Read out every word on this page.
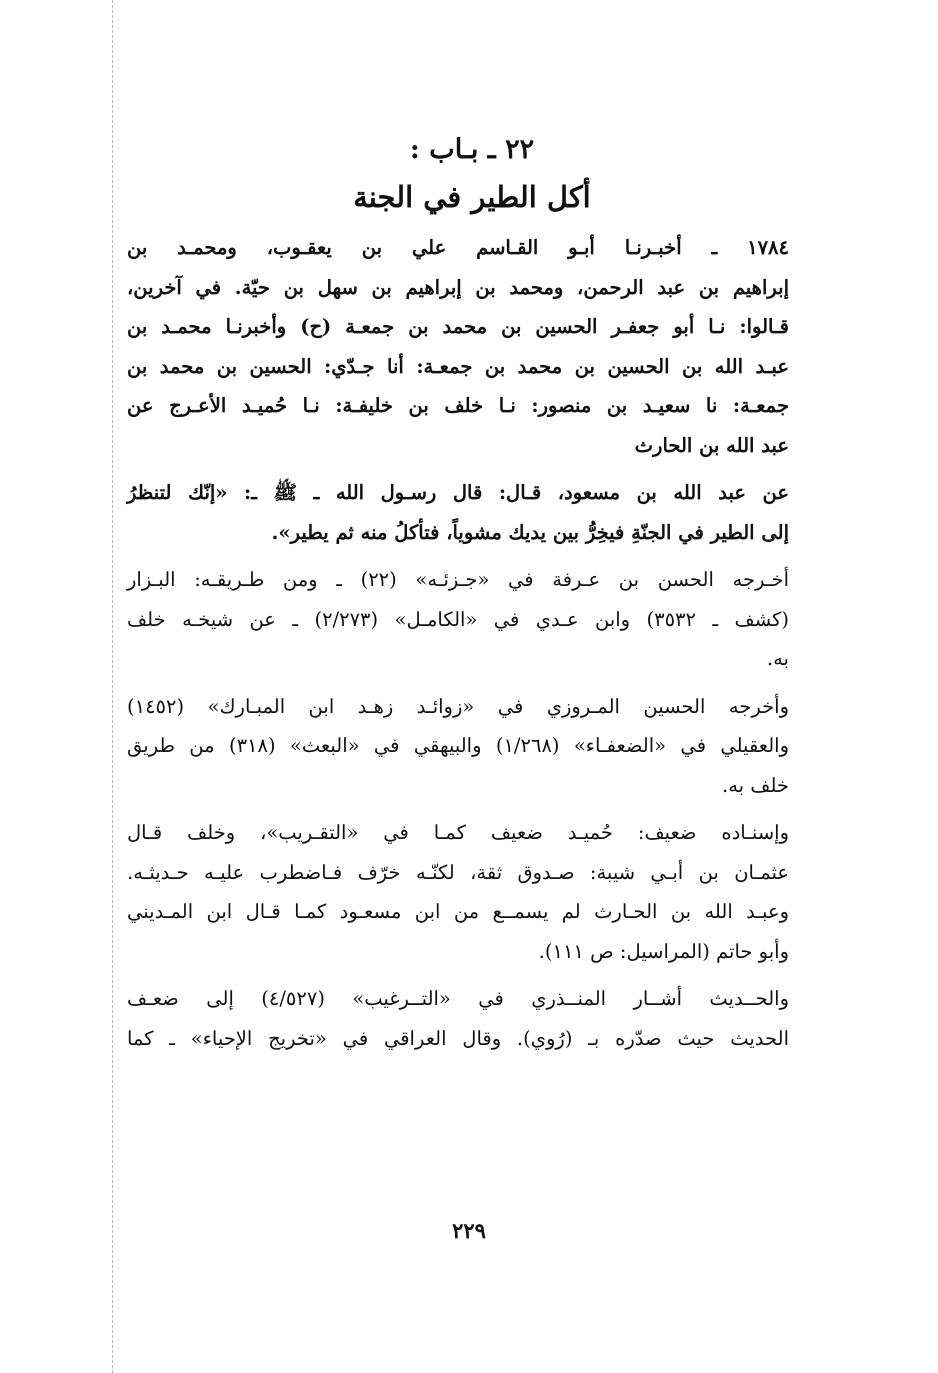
٢٢ ـ بـاب :
أكل الطير في الجنة

١٧٨٤ ـ أخبـرنـا أبـو القـاسم علي بن يعقـوب، ومحمـد بن
إبراهيم بن عبد الرحمن، ومحمد بن إبراهيم بن سهل بن حيّة. في آخرين،
قـالوا: نـا أبو جعفـر الحسين بن محمد بن جمعـة (ح) وأخبرنـا محمـد بن
عبـد الله بن الحسين بن محمد بن جمعـة: أنا جـدّي: الحسين بن محمد بن
جمعـة: نا سعيـد بن منصور: نـا خلف بن خليفـة: نـا حُميـد الأعـرج عن
عبد الله بن الحارث

عن عبد الله بن مسعود، قـال: قال رسـول الله ـ ﷺ ـ: «إنّك لتنظرُ
إلى الطير في الجنّةِ فيخِرُّ بين يديك مشوياً، فتأكلُ منه ثم يطير».

أخـرجه الحسن بن عـرفة في «جـزئـه» (٢٢) ـ ومن طـريقـه: البـزار
(كشف ـ ٣٥٣٢) وابن عـدي في «الكامـل» (٢/٢٧٣) ـ عن شيخـه خلف
به.

وأخرجه الحسين المـروزي في «زوائـد زهـد ابن المبـارك» (١٤٥٢)
والعقيلي في «الضعفـاء» (١/٢٦٨) والبيهقي في «البعث» (٣١٨) من طريق
خلف به.

وإسنـاده ضعيف: حُميـد ضعيف كمـا في «التقـريب»، وخلف قـال
عثمـان بن أبـي شيبة: صـدوق ثقة، لكنّـه خرّف فـاضطرب عليـه حـديثـه.
وعبـد الله بن الحـارث لم يسمــع من ابن مسعـود كمـا قـال ابن المـديني
وأبو حاتم (المراسيل: ص ١١١).

والحــديث أشــار المنــذري في «التــرغيب» (٤/٥٢٧) إلى ضعـف
الحديث حيث صدّره بـ (رُوي). وقال العراقي في «تخريج الإحياء» ـ كما

٢٢٩
